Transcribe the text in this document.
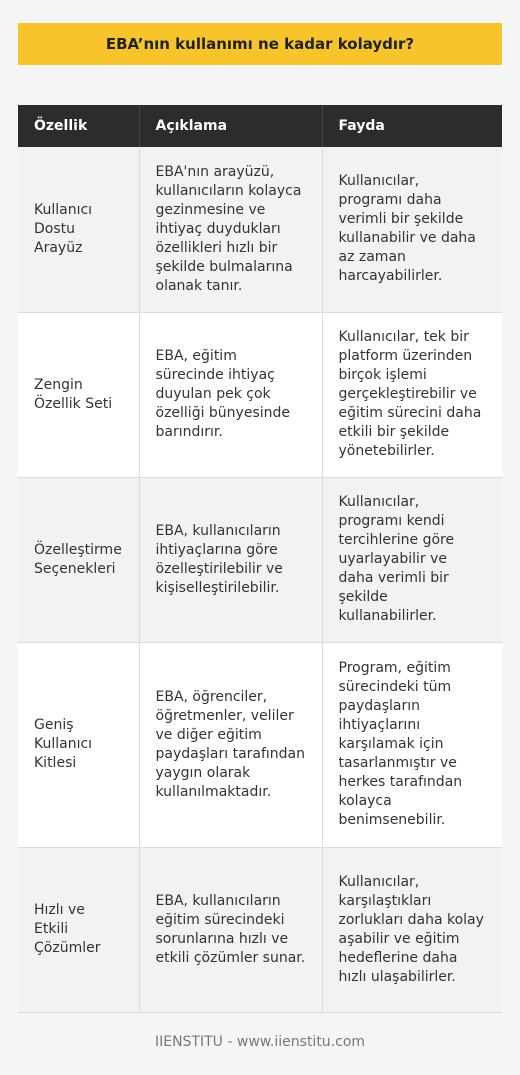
EBA’nın kullanımı ne kadar kolaydır?
Özellik	Açıklama	Fayda
Kullanıcı Dostu Arayüz	EBA'nın arayüzü, kullanıcıların kolayca gezinmesine ve ihtiyaç duydukları özellikleri hızlı bir şekilde bulmalarına olanak tanır.	Kullanıcılar, programı daha verimli bir şekilde kullanabilir ve daha az zaman harcayabilirler.
Zengin Özellik Seti	EBA, eğitim sürecinde ihtiyaç duyulan pek çok özelliği bünyesinde barındırır.	Kullanıcılar, tek bir platform üzerinden birçok işlemi gerçekleştirebilir ve eğitim sürecini daha etkili bir şekilde yönetebilirler.
Özelleştirme Seçenekleri	EBA, kullanıcıların ihtiyaçlarına göre özelleştirilebilir ve kişiselleştirilebilir.	Kullanıcılar, programı kendi tercihlerine göre uyarlayabilir ve daha verimli bir şekilde kullanabilirler.
Geniş Kullanıcı Kitlesi	EBA, öğrenciler, öğretmenler, veliler ve diğer eğitim paydaşları tarafından yaygın olarak kullanılmaktadır.	Program, eğitim sürecindeki tüm paydaşların ihtiyaçlarını karşılamak için tasarlanmıştır ve herkes tarafından kolayca benimsenebilir.
Hızlı ve Etkili Çözümler	EBA, kullanıcıların eğitim sürecindeki sorunlarına hızlı ve etkili çözümler sunar.	Kullanıcılar, karşılaştıkları zorlukları daha kolay aşabilir ve eğitim hedeflerine daha hızlı ulaşabilirler.
IIENSTITU - www.iienstitu.com
